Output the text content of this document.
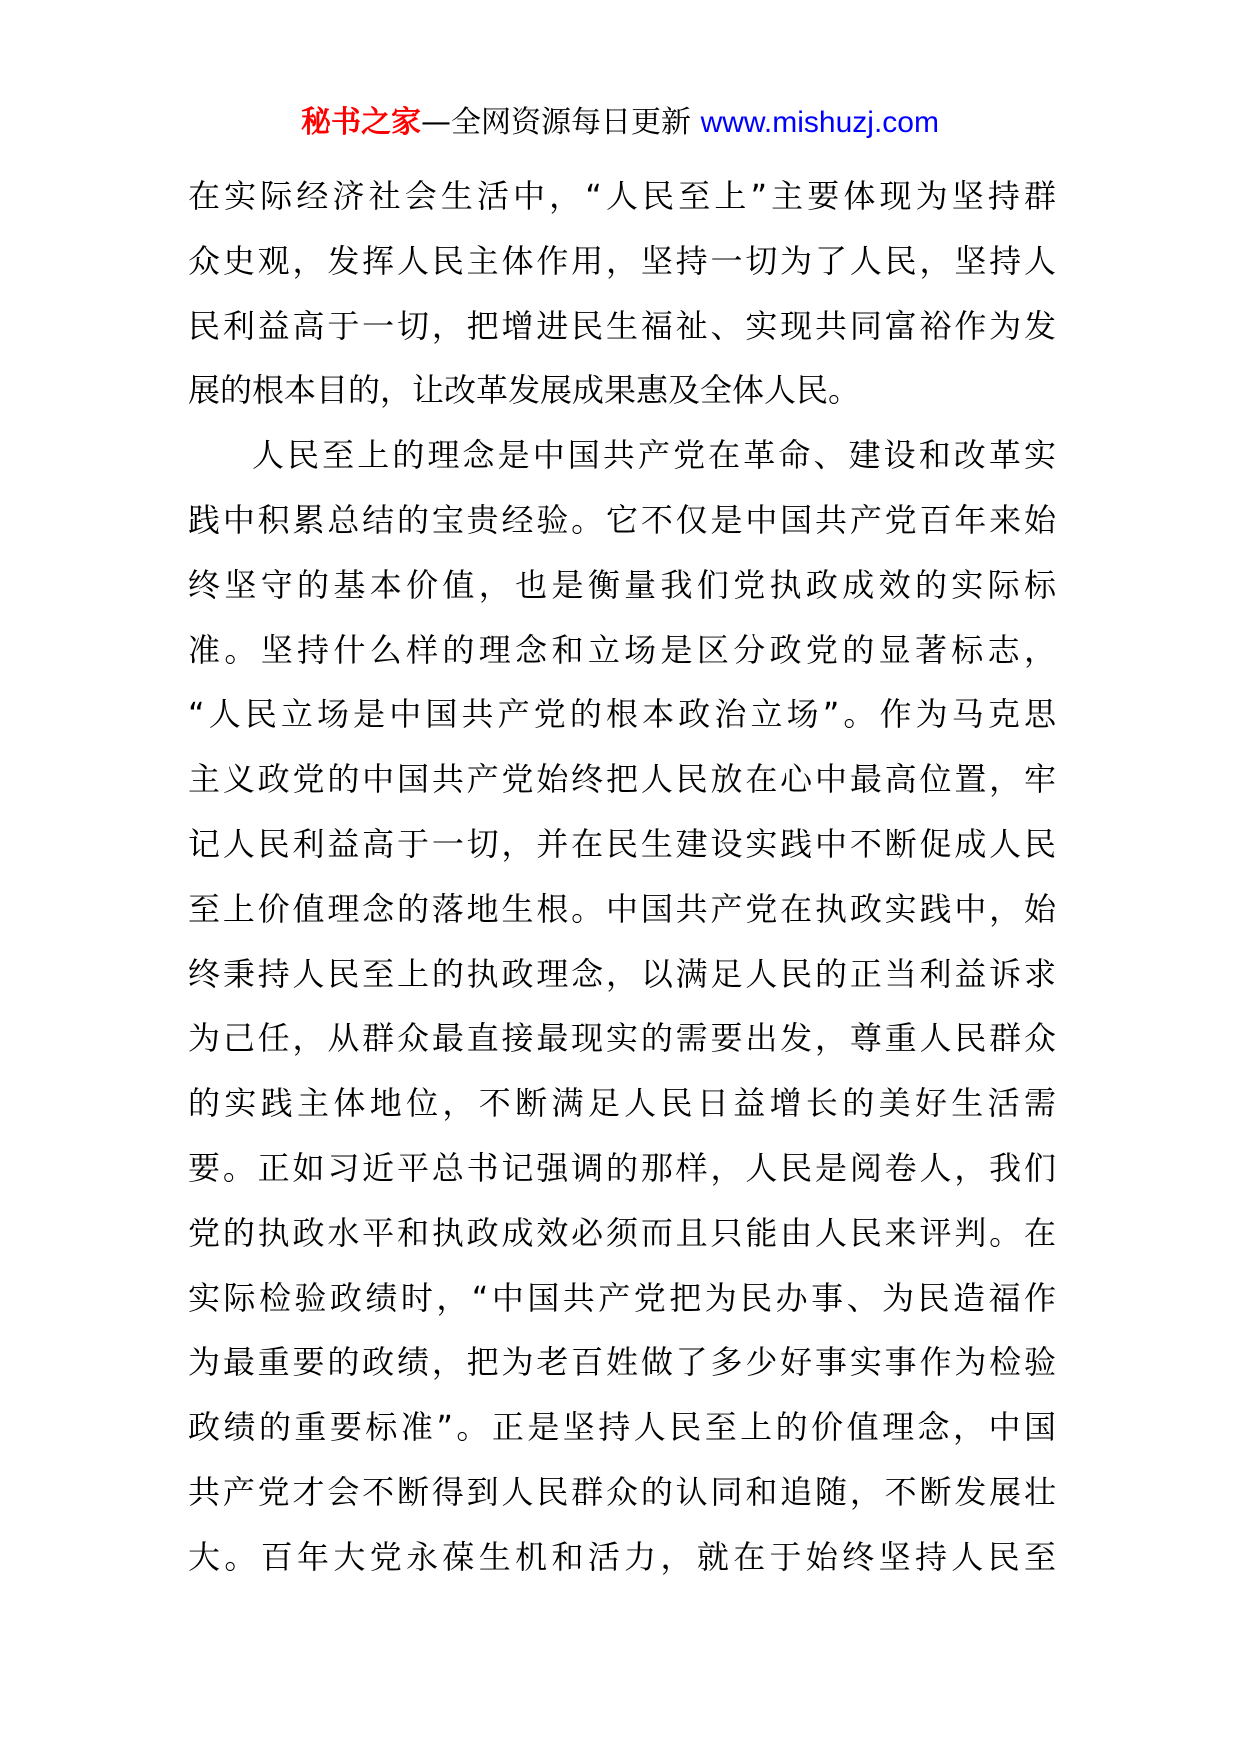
秘书之家—全网资源每日更新 www.mishuzj.com
在实际经济社会生活中，“人民至上”主要体现为坚持群
众史观，发挥人民主体作用，坚持一切为了人民，坚持人
民利益高于一切，把增进民生福祉、实现共同富裕作为发
展的根本目的，让改革发展成果惠及全体人民。
人民至上的理念是中国共产党在革命、建设和改革实
践中积累总结的宝贵经验。它不仅是中国共产党百年来始
终坚守的基本价值，也是衡量我们党执政成效的实际标
准。坚持什么样的理念和立场是区分政党的显著标志，
“人民立场是中国共产党的根本政治立场”。作为马克思
主义政党的中国共产党始终把人民放在心中最高位置，牢
记人民利益高于一切，并在民生建设实践中不断促成人民
至上价值理念的落地生根。中国共产党在执政实践中，始
终秉持人民至上的执政理念，以满足人民的正当利益诉求
为己任，从群众最直接最现实的需要出发，尊重人民群众
的实践主体地位，不断满足人民日益增长的美好生活需
要。正如习近平总书记强调的那样，人民是阅卷人，我们
党的执政水平和执政成效必须而且只能由人民来评判。在
实际检验政绩时，“中国共产党把为民办事、为民造福作
为最重要的政绩，把为老百姓做了多少好事实事作为检验
政绩的重要标准”。正是坚持人民至上的价值理念，中国
共产党才会不断得到人民群众的认同和追随，不断发展壮
大。百年大党永葆生机和活力，就在于始终坚持人民至
